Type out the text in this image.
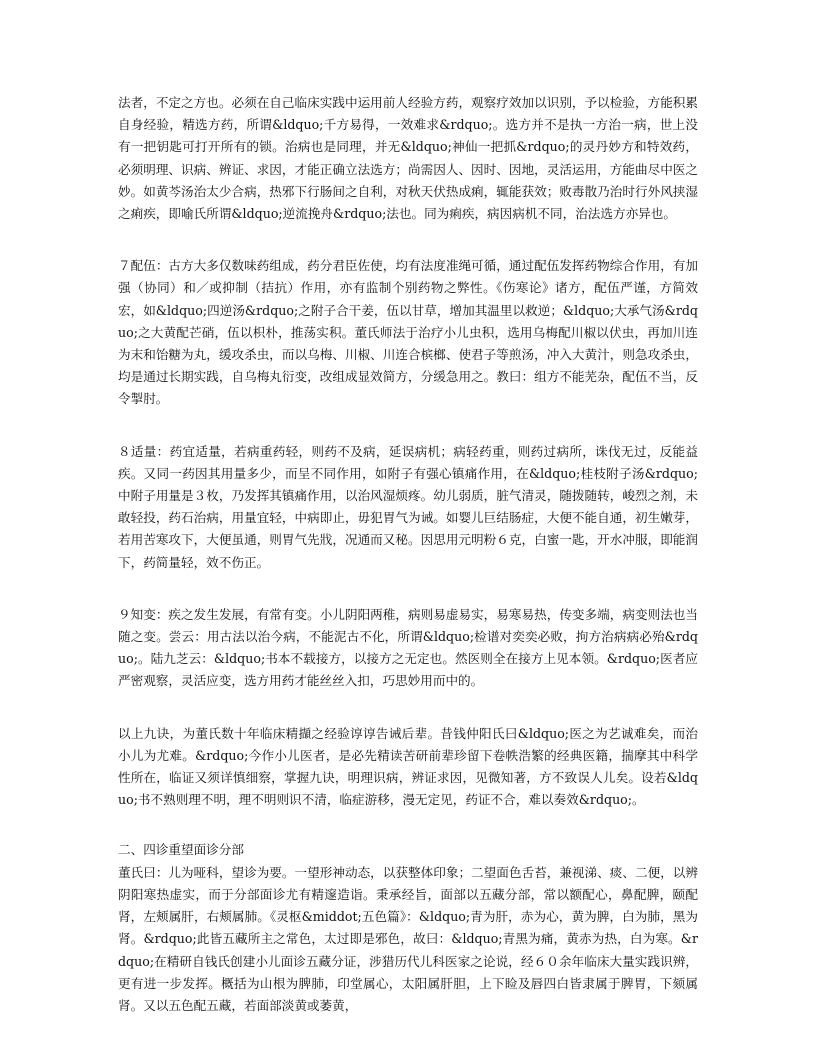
法者，不定之方也。必须在自己临床实践中运用前人经验方药，观察疗效加以识别，予以检验，方能积累自身经验，精选方药，所谓&ldquo;千方易得，一效难求&rdquo;。选方并不是执一方治一病，世上没有一把钥匙可打开所有的锁。治病也是同理，并无&ldquo;神仙一把抓&rdquo;的灵丹妙方和特效药，必须明理、识病、辨证、求因，才能正确立法选方；尚需因人、因时、因地，灵活运用，方能曲尽中医之妙。如黄芩汤治太少合病，热邪下行肠间之自利，对秋天伏热成痢，辄能获效；败毒散乃治时行外风挟湿之痢疾，即喻氏所谓&ldquo;逆流挽舟&rdquo;法也。同为痢疾，病因病机不同，治法选方亦异也。

７配伍：古方大多仅数味药组成，药分君臣佐使，均有法度准绳可循，通过配伍发挥药物综合作用，有加强（协同）和／或抑制（拮抗）作用，亦有监制个别药物之弊性。《伤寒论》诸方，配伍严谨，方简效宏，如&ldquo;四逆汤&rdquo;之附子合干姜，伍以甘草，增加其温里以救逆；&ldquo;大承气汤&rdquo;之大黄配芒硝，伍以枳朴，推荡实积。董氏师法于治疗小儿虫积，选用乌梅配川椒以伏虫，再加川连为末和饴糖为丸，缓攻杀虫，而以乌梅、川椒、川连合槟榔、使君子等煎汤，冲入大黄汁，则急攻杀虫，均是通过长期实践，自乌梅丸衍变，改组成显效简方，分缓急用之。教曰：组方不能芜杂，配伍不当，反令掣肘。

８适量：药宜适量，若病重药轻，则药不及病，延误病机；病轻药重，则药过病所，诛伐无过，反能益疾。又同一药因其用量多少，而呈不同作用，如附子有强心镇痛作用，在&ldquo;桂枝附子汤&rdquo;中附子用量是３枚，乃发挥其镇痛作用，以治风湿烦疼。幼儿弱质，脏气清灵，随拨随转，峻烈之剂，未敢轻投，药石治病，用量宜轻，中病即止，毋犯胃气为诫。如婴儿巨结肠症，大便不能自通，初生嫩芽，若用苦寒攻下，大便虽通，则胃气先戕，况通而又秘。因思用元明粉６克，白蜜一匙，开水冲服，即能润下，药简量轻，效不伤正。

９知变：疾之发生发展，有常有变。小儿阴阳两稚，病则易虚易实，易寒易热，传变多端，病变则法也当随之变。尝云：用古法以治今病，不能泥古不化，所谓&ldquo;检谱对奕奕必败，拘方治病病必殆&rdquo;。陆九芝云：&ldquo;书本不载接方，以接方之无定也。然医则全在接方上见本领。&rdquo;医者应严密观察，灵活应变，选方用药才能丝丝入扣，巧思妙用而中的。

以上九诀，为董氏数十年临床精擷之经验谆谆告诫后辈。昔钱仲阳氏曰&ldquo;医之为艺诚难矣，而治小儿为尤难。&rdquo;今作小儿医者，是必先精读苦研前辈珍留下卷帙浩繁的经典医籍，揣摩其中科学性所在，临证又须详慎细察，掌握九诀，明理识病，辨证求因，见微知著，方不致误人儿矣。设若&ldquo;书不熟则理不明，理不明则识不清，临症游移，漫无定见，药证不合，难以奏效&rdquo;。

二、四诊重望面诊分部

董氏曰：儿为哑科，望诊为要。一望形神动态，以获整体印象；二望面色舌苔，兼视涕、痰、二便，以辨阴阳寒热虚实，而于分部面诊尤有精邃造诣。秉承经旨，面部以五藏分部，常以额配心，鼻配脾，颐配肾，左颊属肝，右颊属肺。《灵枢&middot;五色篇》：&ldquo;青为肝，赤为心，黄为脾，白为肺，黑为肾。&rdquo;此皆五藏所主之常色，太过即是邪色，故曰：&ldquo;青黑为痛，黄赤为热，白为寒。&rdquo;在精研自钱氏创建小儿面诊五藏分证，涉猎历代儿科医家之论说，经６０余年临床大量实践识辨，更有进一步发挥。概括为山根为脾肺，印堂属心，太阳属肝胆，上下睑及唇四白皆隶属于脾胃，下颏属肾。又以五色配五藏，若面部淡黄或萎黄，
